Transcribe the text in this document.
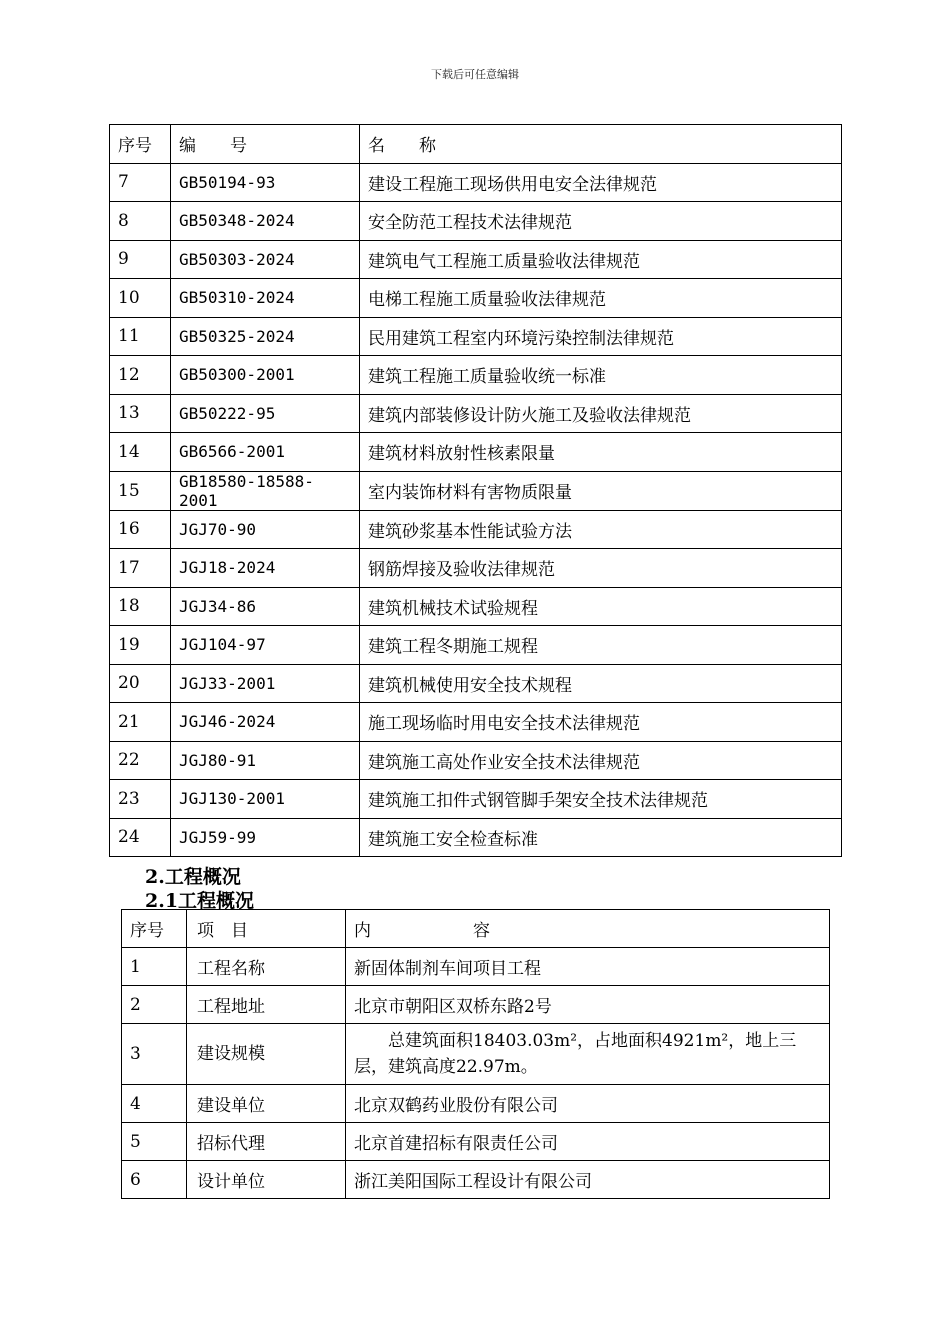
下载后可任意编辑
序号	编　　号	名　　称
7	GB50194-93	建设工程施工现场供用电安全法律规范
8	GB50348-2024	安全防范工程技术法律规范
9	GB50303-2024	建筑电气工程施工质量验收法律规范
10	GB50310-2024	电梯工程施工质量验收法律规范
11	GB50325-2024	民用建筑工程室内环境污染控制法律规范
12	GB50300-2001	建筑工程施工质量验收统一标准
13	GB50222-95	建筑内部装修设计防火施工及验收法律规范
14	GB6566-2001	建筑材料放射性核素限量
15	GB18580-18588-2001	室内装饰材料有害物质限量
16	JGJ70-90	建筑砂浆基本性能试验方法
17	JGJ18-2024	钢筋焊接及验收法律规范
18	JGJ34-86	建筑机械技术试验规程
19	JGJ104-97	建筑工程冬期施工规程
20	JGJ33-2001	建筑机械使用安全技术规程
21	JGJ46-2024	施工现场临时用电安全技术法律规范
22	JGJ80-91	建筑施工高处作业安全技术法律规范
23	JGJ130-2001	建筑施工扣件式钢管脚手架安全技术法律规范
24	JGJ59-99	建筑施工安全检查标准
2.工程概况
2.1工程概况
序号	项　目	内　　　　　　容
1	工程名称	新固体制剂车间项目工程
2	工程地址	北京市朝阳区双桥东路2号
3	建设规模	　　总建筑面积18403.03m²，占地面积4921m²，地上三层，建筑高度22.97m。
4	建设单位	北京双鹤药业股份有限公司
5	招标代理	北京首建招标有限责任公司
6	设计单位	浙江美阳国际工程设计有限公司
